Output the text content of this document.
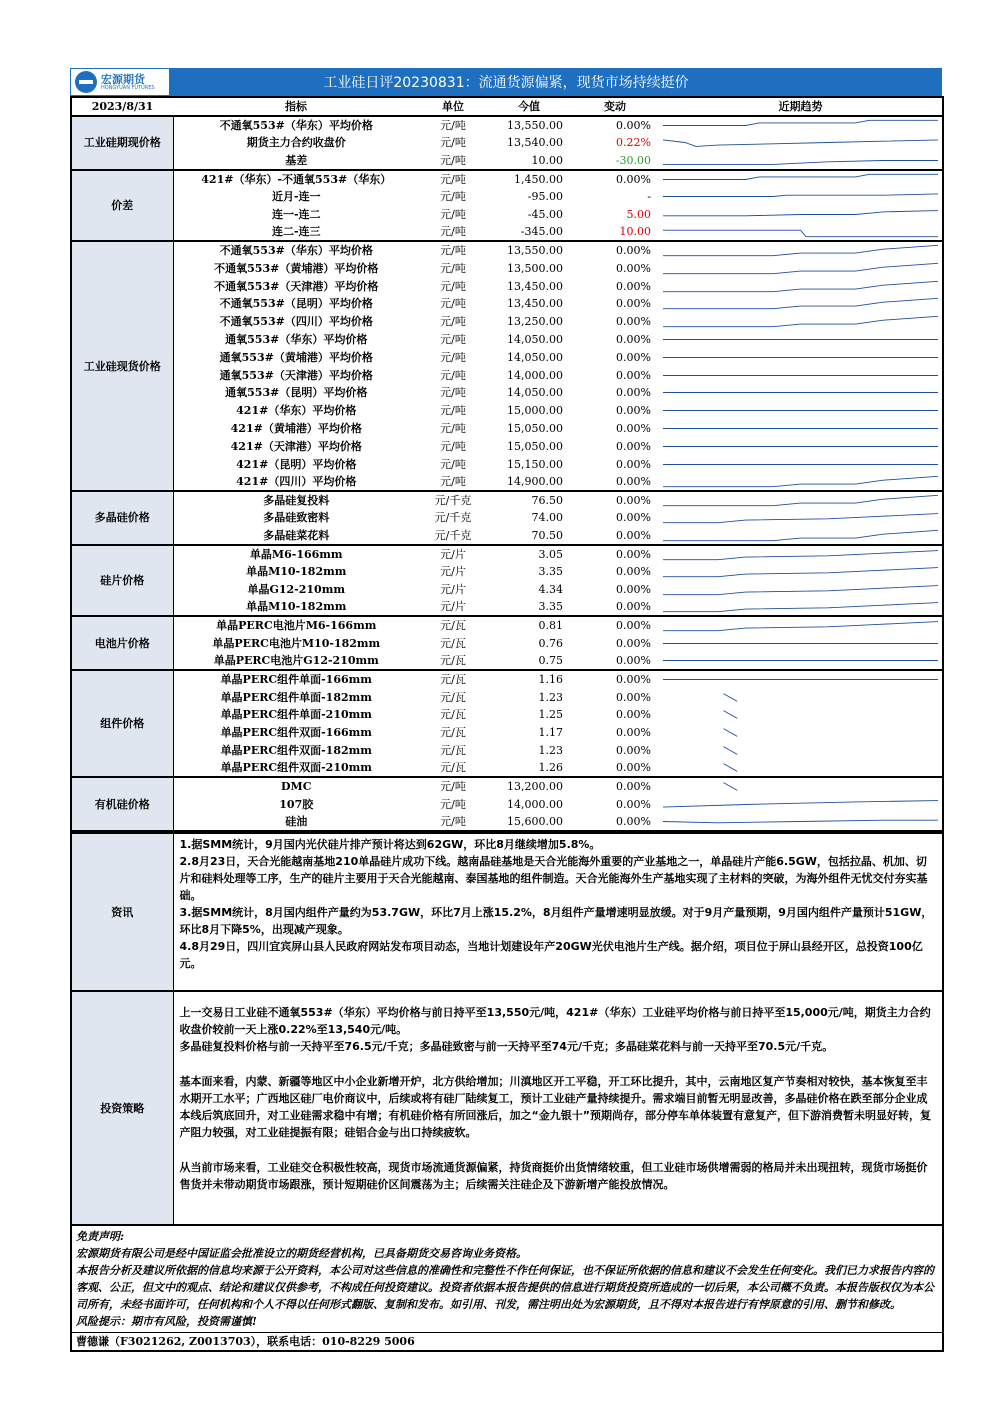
宏源期货
HONGYUAN FUTURES	工业硅日评20230831：流通货源偏紧，现货市场持续挺价
2023/8/31	指标	单位	今值	变动	近期趋势
工业硅期现价格	不通氧553#（华东）平均价格	元/吨	13,550.00	0.00%	

	期货主力合约收盘价	元/吨	13,540.00	0.22%	

	基差	元/吨	10.00	-30.00	

价差	421#（华东）-不通氧553#（华东）	元/吨	1,450.00	0.00%	

	近月-连一	元/吨	-95.00	-	

	连一-连二	元/吨	-45.00	5.00	

	连二-连三	元/吨	-345.00	10.00	

工业硅现货价格	不通氧553#（华东）平均价格	元/吨	13,550.00	0.00%	

	不通氧553#（黄埔港）平均价格	元/吨	13,500.00	0.00%	

	不通氧553#（天津港）平均价格	元/吨	13,450.00	0.00%	

	不通氧553#（昆明）平均价格	元/吨	13,450.00	0.00%	

	不通氧553#（四川）平均价格	元/吨	13,250.00	0.00%	

	通氧553#（华东）平均价格	元/吨	14,050.00	0.00%	

	通氧553#（黄埔港）平均价格	元/吨	14,050.00	0.00%	

	通氧553#（天津港）平均价格	元/吨	14,000.00	0.00%	

	通氧553#（昆明）平均价格	元/吨	14,050.00	0.00%	

	421#（华东）平均价格	元/吨	15,000.00	0.00%	

	421#（黄埔港）平均价格	元/吨	15,050.00	0.00%	

	421#（天津港）平均价格	元/吨	15,050.00	0.00%	

	421#（昆明）平均价格	元/吨	15,150.00	0.00%	

	421#（四川）平均价格	元/吨	14,900.00	0.00%	

多晶硅价格	多晶硅复投料	元/千克	76.50	0.00%	

	多晶硅致密料	元/千克	74.00	0.00%	

	多晶硅菜花料	元/千克	70.50	0.00%	

硅片价格	单晶M6-166mm	元/片	3.05	0.00%	

	单晶M10-182mm	元/片	3.35	0.00%	

	单晶G12-210mm	元/片	4.34	0.00%	

	单晶M10-182mm	元/片	3.35	0.00%	

电池片价格	单晶PERC电池片M6-166mm	元/瓦	0.81	0.00%	

	单晶PERC电池片M10-182mm	元/瓦	0.76	0.00%	

	单晶PERC电池片G12-210mm	元/瓦	0.75	0.00%	

组件价格	单晶PERC组件单面-166mm	元/瓦	1.16	0.00%	

	单晶PERC组件单面-182mm	元/瓦	1.23	0.00%	

	单晶PERC组件单面-210mm	元/瓦	1.25	0.00%	

	单晶PERC组件双面-166mm	元/瓦	1.17	0.00%	

	单晶PERC组件双面-182mm	元/瓦	1.23	0.00%	

	单晶PERC组件双面-210mm	元/瓦	1.26	0.00%	

有机硅价格	DMC	元/吨	13,200.00	0.00%	

	107胶	元/吨	14,000.00	0.00%	

	硅油	元/吨	15,600.00	0.00%	
资讯	1.据SMM统计，9月国内光伏硅片排产预计将达到62GW，环比8月继续增加5.8%。
2.8月23日，天合光能越南基地210单晶硅片成功下线。越南晶硅基地是天合光能海外重要的产业基地之一，单晶硅片产能6.5GW，包括拉晶、机加、切片和硅料处理等工序，生产的硅片主要用于天合光能越南、泰国基地的组件制造。天合光能海外生产基地实现了主材料的突破，为海外组件无忧交付夯实基础。
3.据SMM统计，8月国内组件产量约为53.7GW，环比7月上涨15.2%，8月组件产量增速明显放缓。对于9月产量预期，9月国内组件产量预计51GW，环比8月下降5%，出现减产现象。
4.8月29日，四川宜宾屏山县人民政府网站发布项目动态，当地计划建设年产20GW光伏电池片生产线。据介绍，项目位于屏山县经开区，总投资100亿元。

投资策略	上一交易日工业硅不通氧553#（华东）平均价格与前日持平至13,550元/吨，421#（华东）工业硅平均价格与前日持平至15,000元/吨，期货主力合约收盘价较前一天上涨0.22%至13,540元/吨。

多晶硅复投料价格与前一天持平至76.5元/千克；多晶硅致密与前一天持平至74元/千克；多晶硅菜花料与前一天持平至70.5元/千克。

基本面来看，内蒙、新疆等地区中小企业新增开炉，北方供给增加；川滇地区开工平稳，开工环比提升，其中，云南地区复产节奏相对较快，基本恢复至丰水期开工水平；广西地区硅厂电价商议中，后续或将有硅厂陆续复工，预计工业硅产量持续提升。需求端目前暂无明显改善，多晶硅价格在跌至部分企业成本线后筑底回升，对工业硅需求稳中有增；有机硅价格有所回涨后，加之“金九银十”预期尚存，部分停车单体装置有意复产，但下游消费暂未明显好转，复产阻力较强，对工业硅提振有限；硅铝合金与出口持续疲软。

从当前市场来看，工业硅交仓积极性较高，现货市场流通货源偏紧，持货商挺价出货情绪较重，但工业硅市场供增需弱的格局并未出现扭转，现货市场挺价售货并未带动期货市场跟涨，预计短期硅价区间震荡为主；后续需关注硅企及下游新增产能投放情况。

免责声明:
宏源期货有限公司是经中国证监会批准设立的期货经营机构，已具备期货交易咨询业务资格。
本报告分析及建议所依据的信息均来源于公开资料，本公司对这些信息的准确性和完整性不作任何保证，也不保证所依据的信息和建议不会发生任何变化。我们已力求报告内容的客观、公正，但文中的观点、结论和建议仅供参考，不构成任何投资建议。投资者依据本报告提供的信息进行期货投资所造成的一切后果，本公司概不负责。本报告版权仅为本公司所有，未经书面许可，任何机构和个人不得以任何形式翻版、复制和发布。如引用、刊发，需注明出处为宏源期货，且不得对本报告进行有悖原意的引用、删节和修改。
风险提示：期市有风险，投资需谨慎!	

曹德谦（F3021262, Z0013703），联系电话：010-8229 5006	
